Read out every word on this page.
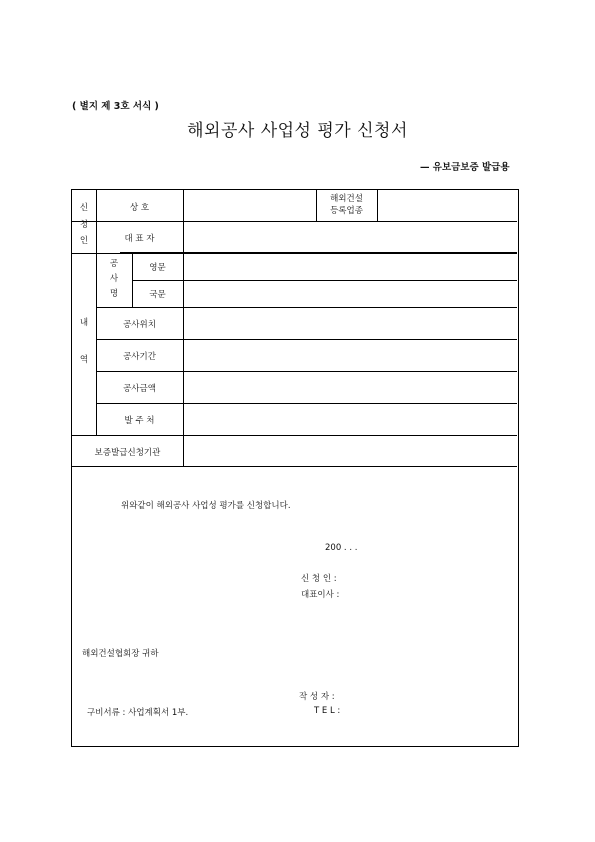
( 별지 제 3호 서식 )
해외공사 사업성 평가 신청서
— 유보금보증 발급용
신
청
인
상 호
해외건설
등록업종
대 표 자
내
역
공
사
명
영문
국문
공사위치
공사기간
공사금액
발 주 처
보증발급신청기관
위와같이 해외공사 사업성 평가를 신청합니다.
200 . . .
신 청 인 :
대표이사 :
해외건설협회장 귀하
작 성 자 :
구비서류 : 사업계획서 1부.	T E L :
